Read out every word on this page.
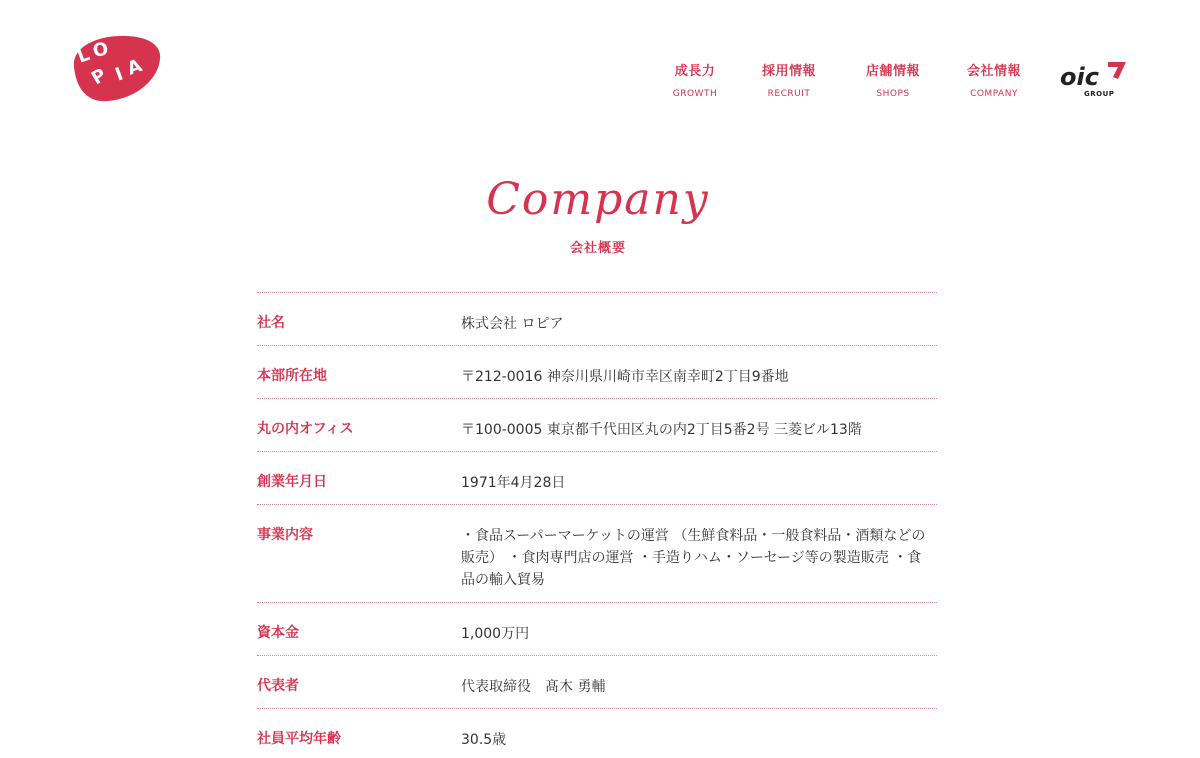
L
O
P I
A	成長力
GROWTH
採用情報
RECRUIT
店舗情報
SHOPS
会社情報
COMPANY
oic
GROUP
Company
会社概要
社名	株式会社 ロピア
本部所在地	〒212-0016 神奈川県川崎市幸区南幸町2丁目9番地
丸の内オフィス	〒100-0005 東京都千代田区丸の内2丁目5番2号 三菱ビル13階
創業年月日	1971年4月28日
事業内容	・食品スーパーマーケットの運営 （生鮮食料品・一般食料品・酒類などの販売） ・食肉専門店の運営 ・手造りハム・ソーセージ等の製造販売 ・食品の輸入貿易
資本金	1,000万円
代表者	代表取締役　髙木 勇輔
社員平均年齢	30.5歳
